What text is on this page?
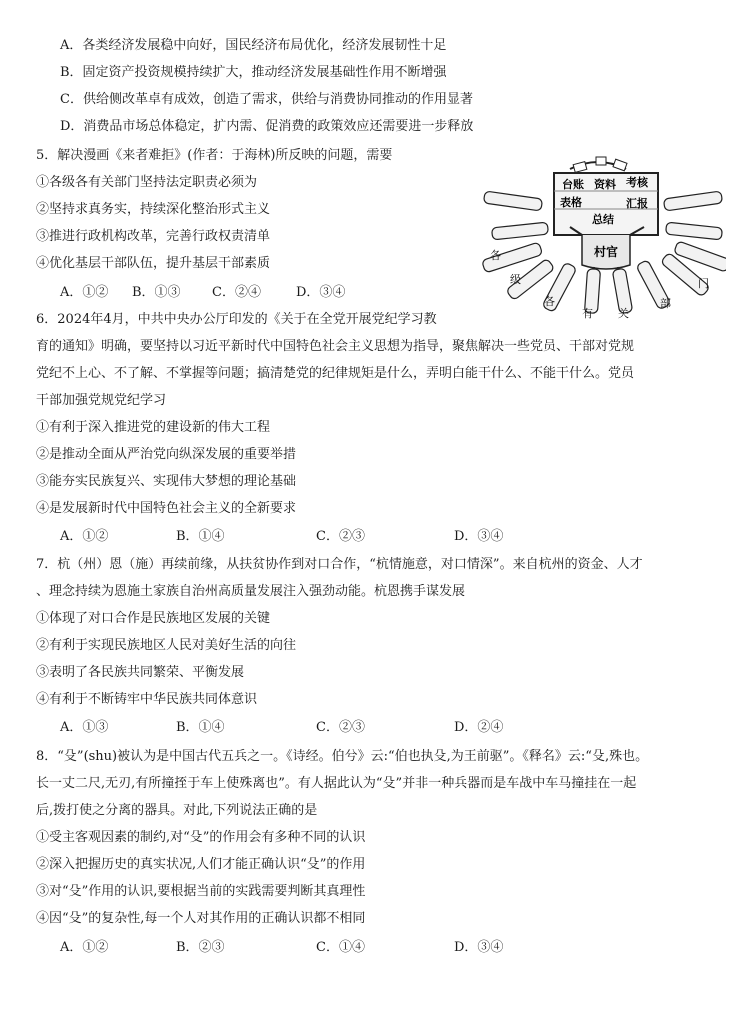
A．各类经济发展稳中向好，国民经济布局优化，经济发展韧性十足
B．固定资产投资规模持续扩大，推动经济发展基础性作用不断增强
C．供给侧改革卓有成效，创造了需求，供给与消费协同推动的作用显著
D．消费品市场总体稳定，扩内需、促消费的政策效应还需要进一步释放
5．解决漫画《来者难拒》(作者：于海林)所反映的问题，需要
①各级各有关部门坚持法定职责必须为
②坚持求真务实，持续深化整治形式主义
③推进行政机构改革，完善行政权责清单
④优化基层干部队伍，提升基层干部素质
A．①② B．①③ C．②④	D．③④
台账 资料 考核
表格	汇报
总结
村官
各
级
各
有 关
部
门
6．2024年4月，中共中央办公厅印发的《关于在全党开展党纪学习教
育的通知》明确，要坚持以习近平新时代中国特色社会主义思想为指导，聚焦解决一些党员、干部对党规
党纪不上心、不了解、不掌握等问题；搞清楚党的纪律规矩是什么，弄明白能干什么、不能干什么。党员
干部加强党规党纪学习
①有利于深入推进党的建设新的伟大工程
②是推动全面从严治党向纵深发展的重要举措
③能夯实民族复兴、实现伟大梦想的理论基础
④是发展新时代中国特色社会主义的全新要求
A．①②	B．①④	C．②③	D．③④
7．杭（州）恩（施）再续前缘，从扶贫协作到对口合作，“杭情施意，对口情深”。来自杭州的资金、人才
、理念持续为恩施土家族自治州高质量发展注入强劲动能。杭恩携手谋发展
①体现了对口合作是民族地区发展的关键
②有利于实现民族地区人民对美好生活的向往
③表明了各民族共同繁荣、平衡发展
④有利于不断铸牢中华民族共同体意识
A．①③	B．①④	C．②③	D．②④
8．“殳”(shu)被认为是中国古代五兵之一。《诗经。伯兮》云:“伯也执殳,为王前驱”。《释名》云:“殳,殊也。
长一丈二尺,无刃,有所撞挃于车上使殊离也”。有人据此认为“殳”并非一种兵器而是车战中车马撞挂在一起
后,拨打使之分离的器具。对此,下列说法正确的是
①受主客观因素的制约,对“殳”的作用会有多种不同的认识
②深入把握历史的真实状况,人们才能正确认识“殳”的作用
③对“殳”作用的认识,要根据当前的实践需要判断其真理性
④因“殳”的复杂性,每一个人对其作用的正确认识都不相同
A．①②	B．②③	C．①④	D．③④
